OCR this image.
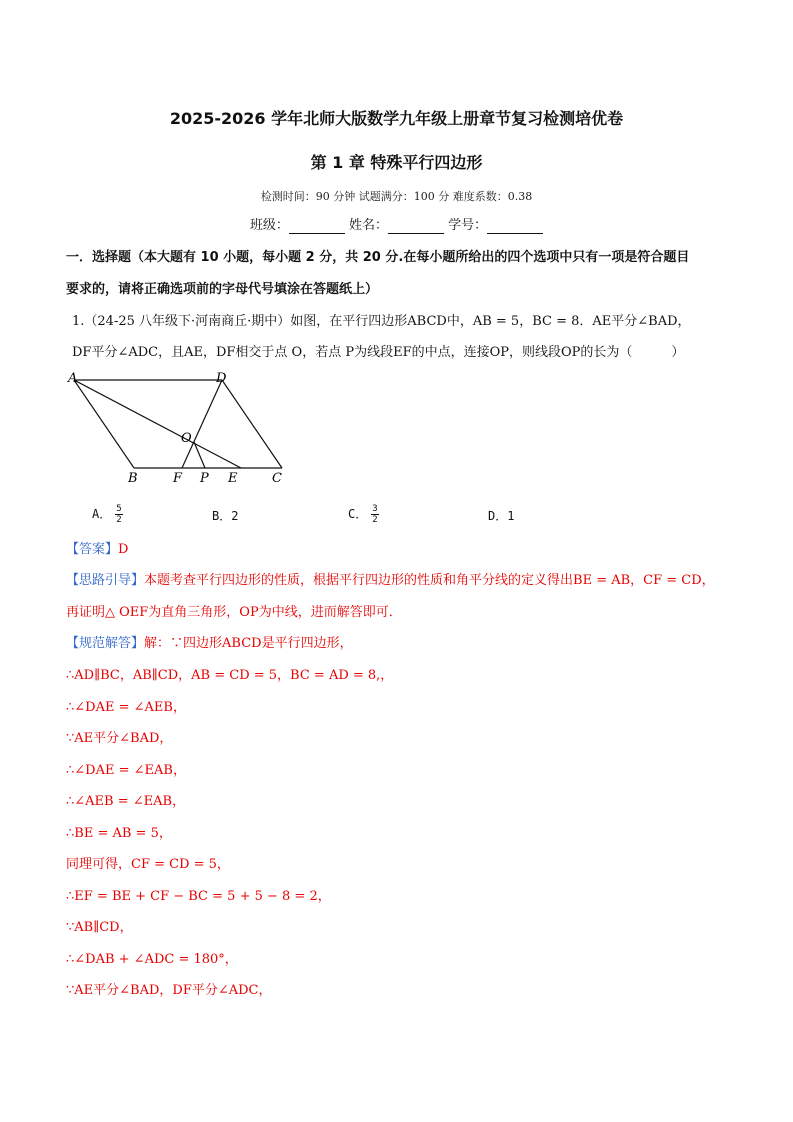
2025-2026 学年北师大版数学九年级上册章节复习检测培优卷
第 1 章 特殊平行四边形
检测时间：90 分钟 试题满分：100 分 难度系数：0.38
班级：	姓名：	学号：
一．选择题（本大题有 10 小题，每小题 2 分，共 20 分.在每小题所给出的四个选项中只有一项是符合题目
要求的，请将正确选项前的字母代号填涂在答题纸上）
1.（24-25 八年级下·河南商丘·期中）如图，在平行四边形ABCD中，AB = 5，BC = 8．AE平分∠BAD，
DF平分∠ADC，且AE，DF相交于点 O，若点 P为线段EF的中点，连接OP，则线段OP的长为（　　　）
A	D
O
B	F P E	C
A． $\frac{5}{2}$	B．2	C． $\frac{3}{2}$	D．1
【答案】D
【思路引导】本题考查平行四边形的性质，根据平行四边形的性质和角平分线的定义得出BE = AB，CF = CD，
再证明△ OEF为直角三角形，OP为中线，进而解答即可．
【规范解答】解：∵四边形ABCD是平行四边形，
∴AD∥BC，AB∥CD，AB = CD = 5，BC = AD = 8,，
∴∠DAE = ∠AEB，
∵AE平分∠BAD，
∴∠DAE = ∠EAB，
∴∠AEB = ∠EAB，
∴BE = AB = 5，
同理可得，CF = CD = 5，
∴EF = BE + CF − BC = 5 + 5 − 8 = 2，
∵AB∥CD，
∴∠DAB + ∠ADC = 180°，
∵AE平分∠BAD，DF平分∠ADC，
